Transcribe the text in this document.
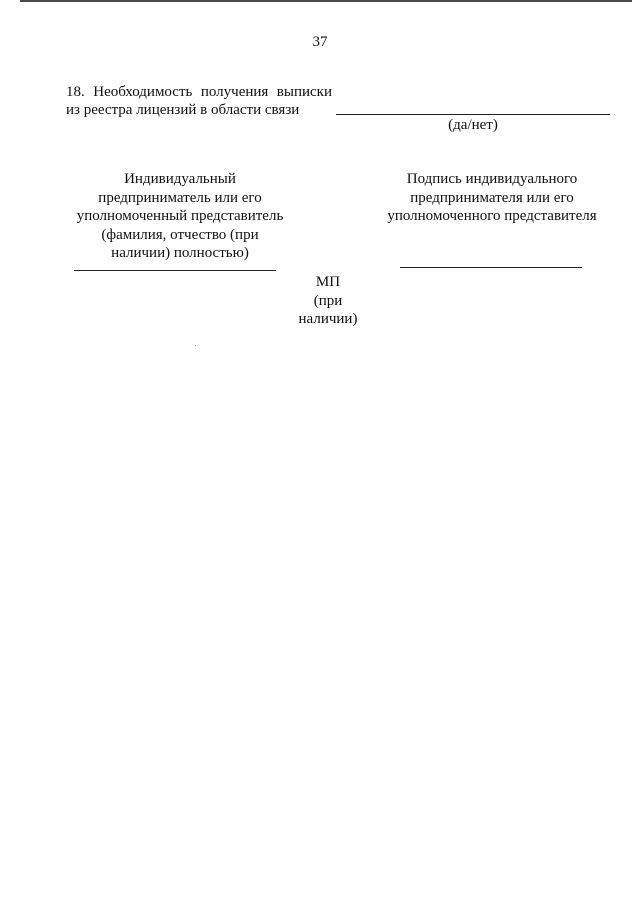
37
18. Необходимость получения выписки
из реестра лицензий в области связи
(да/нет)
Индивидуальный
предприниматель или его
уполномоченный представитель
(фамилия, отчество (при
наличии) полностью)
Подпись индивидуального
предпринимателя или его
уполномоченного представителя
МП
(при
наличии)
